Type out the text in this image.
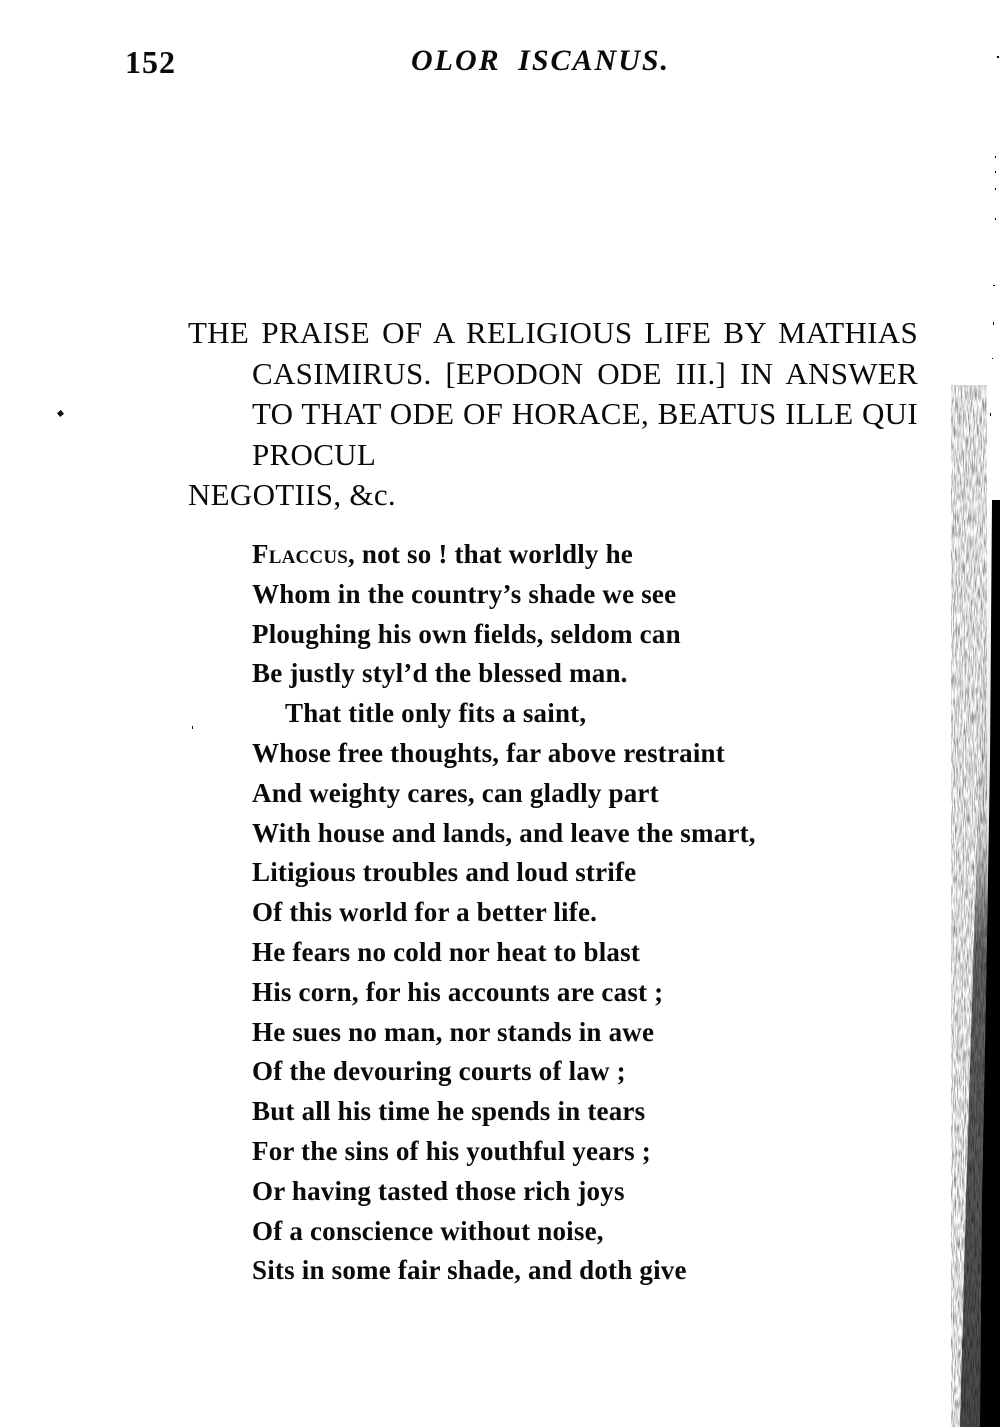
152	OLOR ISCANUS.
THE PRAISE OF A RELIGIOUS LIFE BY MATHIAS CASIMIRUS. [EPODON ODE III.] IN ANSWER TO THAT ODE OF HORACE, BEATUS ILLE QUI PROCUL
NEGOTIIS, &c.
Flaccus, not so ! that worldly he
Whom in the country’s shade we see
Ploughing his own fields, seldom can
Be justly styl’d the blessed man.
That title only fits a saint,
Whose free thoughts, far above restraint
And weighty cares, can gladly part
With house and lands, and leave the smart,
Litigious troubles and loud strife
Of this world for a better life.
He fears no cold nor heat to blast
His corn, for his accounts are cast ;
He sues no man, nor stands in awe
Of the devouring courts of law ;
But all his time he spends in tears
For the sins of his youthful years ;
Or having tasted those rich joys
Of a conscience without noise,
Sits in some fair shade, and doth give
